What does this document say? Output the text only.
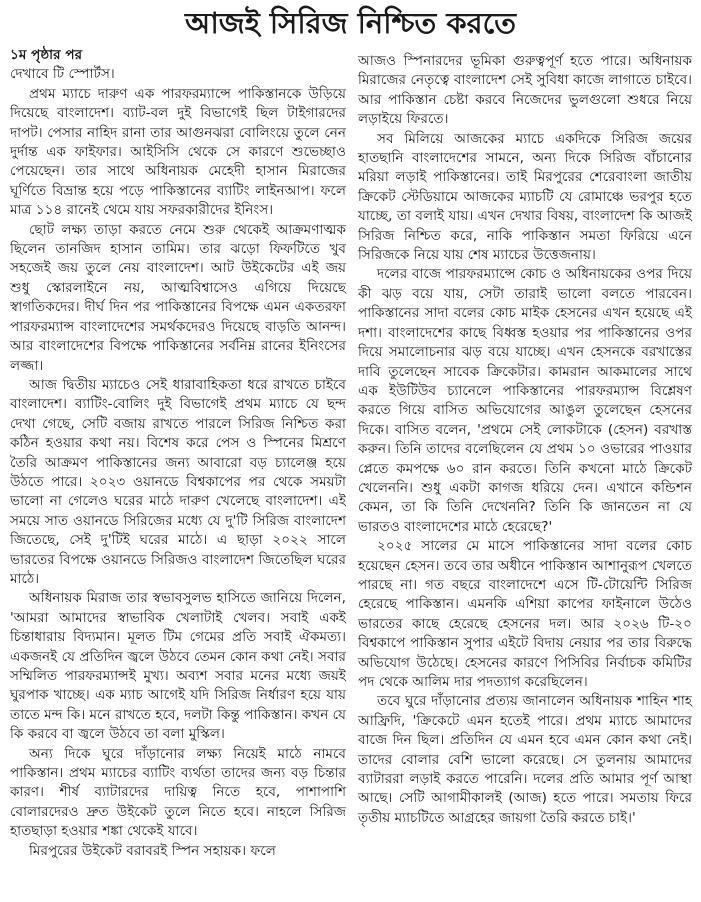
আজই সিরিজ নিশ্চিত করতে
১ম পৃষ্ঠার পর

দেখাবে টি স্পোর্টস।

প্রথম ম্যাচে দারুণ এক পারফরম্যান্সে পাকিস্তানকে উড়িয়ে দিয়েছে বাংলাদেশ। ব্যাট-বল দুই বিভাগেই ছিল টাইগারদের দাপট। পেসার নাহিদ রানা তার আগুনঝরা বোলিংয়ে তুলে নেন দুর্দান্ত এক ফাইফার। আইসিসি থেকে সে কারণে শুভেচ্ছাও পেয়েছেন। তার সাথে অধিনায়ক মেহেদী হাসান মিরাজের ঘূর্ণিতে বিভ্রান্ত হয়ে পড়ে পাকিস্তানের ব্যাটিং লাইনআপ। ফলে মাত্র ১১৪ রানেই থেমে যায় সফরকারীদের ইনিংস।

ছোট লক্ষ্য তাড়া করতে নেমে শুরু থেকেই আক্রমণাত্মক ছিলেন তানজিদ হাসান তামিম। তার ঝড়ো ফিফটিতে খুব সহজেই জয় তুলে নেয় বাংলাদেশ। আট উইকেটের এই জয় শুধু স্কোরলাইনে নয়, আত্মবিশ্বাসেও এগিয়ে দিয়েছে স্বাগতিকদের। দীর্ঘ দিন পর পাকিস্তানের বিপক্ষে এমন একতরফা পারফরম্যান্স বাংলাদেশের সমর্থকদেরও দিয়েছে বাড়তি আনন্দ। আর বাংলাদেশের বিপক্ষে পাকিস্তানের সর্বনিম্ন রানের ইনিংসের লজ্জা।

আজ দ্বিতীয় ম্যাচেও সেই ধারাবাহিকতা ধরে রাখতে চাইবে বাংলাদেশ। ব্যাটিং-বোলিং দুই বিভাগেই প্রথম ম্যাচে যে ছন্দ দেখা গেছে, সেটি বজায় রাখতে পারলে সিরিজ নিশ্চিত করা কঠিন হওয়ার কথা নয়। বিশেষ করে পেস ও স্পিনের মিশ্রণে তৈরি আক্রমণ পাকিস্তানের জন্য আবারো বড় চ্যালেঞ্জ হয়ে উঠতে পারে। ২০২৩ ওয়ানডে বিশ্বকাপের পর থেকে সময়টা ভালো না গেলেও ঘরের মাঠে দারুণ খেলেছে বাংলাদেশ। এই সময়ে সাত ওয়ানডে সিরিজের মধ্যে যে দু'টি সিরিজ বাংলাদেশ জিতেছে, সেই দু'টিই ঘরের মাঠে। এ ছাড়া ২০২২ সালে ভারতের বিপক্ষে ওয়ানডে সিরিজও বাংলাদেশ জিতেছিল ঘরের মাঠে।

অধিনায়ক মিরাজ তার স্বভাবসুলভ হাসিতে জানিয়ে দিলেন, 'আমরা আমাদের স্বাভাবিক খেলাটাই খেলব। সবাই একই চিন্তাধারায় বিদ্যমান। মূলত টিম গেমের প্রতি সবাই ঐকমত্য। একজনই যে প্রতিদিন জ্বলে উঠবে তেমন কোন কথা নেই। সবার সম্মিলিত পারফরম্যান্সই মুখ্য। অব্যশ সবার মনের মধ্যে জয়ই ঘুরপাক খাচ্ছে। এক ম্যাচ আগেই যদি সিরিজ নির্ধারণ হয়ে যায় তাতে মন্দ কি। মনে রাখতে হবে, দলটা কিন্তু পাকিস্তান। কখন যে কি করবে বা জ্বলে উঠবে তা বলা মুস্কিল।

অন্য দিকে ঘুরে দাঁড়ানোর লক্ষ্য নিয়েই মাঠে নামবে পাকিস্তান। প্রথম ম্যাচের ব্যাটিং ব্যর্থতা তাদের জন্য বড় চিন্তার কারণ। শীর্ষ ব্যাটারদের দায়িত্ব নিতে হবে, পাশাপাশি বোলারদেরও দ্রুত উইকেট তুলে নিতে হবে। নাহলে সিরিজ হাতছাড়া হওয়ার শঙ্কা থেকেই যাবে।

মিরপুরের উইকেট বরাবরই স্পিন সহায়ক। ফলে

আজও স্পিনারদের ভূমিকা গুরুত্বপূর্ণ হতে পারে। অধিনায়ক মিরাজের নেতৃত্বে বাংলাদেশ সেই সুবিধা কাজে লাগাতে চাইবে। আর পাকিস্তান চেষ্টা করবে নিজেদের ভুলগুলো শুধরে নিয়ে লড়াইয়ে ফিরতে।

সব মিলিয়ে আজকের ম্যাচে একদিকে সিরিজ জয়ের হাতছানি বাংলাদেশের সামনে, অন্য দিকে সিরিজ বাঁচানোর মরিয়া লড়াই পাকিস্তানের। তাই মিরপুরের শেরেবাংলা জাতীয় ক্রিকেট স্টেডিয়ামে আজকের ম্যাচটি যে রোমাঞ্চে ভরপুর হতে যাচ্ছে, তা বলাই যায়। এখন দেখার বিষয়, বাংলাদেশ কি আজই সিরিজ নিশ্চিত করে, নাকি পাকিস্তান সমতা ফিরিয়ে এনে সিরিজকে নিয়ে যায় শেষ ম্যাচের উত্তেজনায়।

দলের বাজে পারফরম্যান্সে কোচ ও অধিনায়কের ওপর দিয়ে কী ঝড় বয়ে যায়, সেটা তারাই ভালো বলতে পারবেন। পাকিস্তানের সাদা বলের কোচ মাইক হেসনের এখন হয়েছে এই দশা। বাংলাদেশের কাছে বিধ্বস্ত হওয়ার পর পাকিস্তানের ওপর দিয়ে সমালোচনার ঝড় বয়ে যাচ্ছে। এখন হেসনকে বরখাস্তের দাবি তুলেছেন সাবেক ক্রিকেটার। কামরান আকমালের সাথে এক ইউটিউব চ্যানেলে পাকিস্তানের পারফরম্যান্স বিশ্লেষণ করতে গিয়ে বাসিত অভিযোগের আঙুল তুলেছেন হেসনের দিকে। বাসিত বলেন, 'প্রথমে সেই লোকটাকে (হেসন) বরখাস্ত করুন। তিনি তাদের বলেছিলেন যে প্রথম ১০ ওভারের পাওয়ার প্লেতে কমপক্ষে ৬০ রান করতে। তিনি কখনো মাঠে ক্রিকেট খেলেননি। শুধু একটা কাগজ ধরিয়ে দেন। এখানে কন্ডিশন কেমন, তা কি তিনি দেখেননি? তিনি কি জানতেন না যে ভারতও বাংলাদেশের মাঠে হেরেছে?'

২০২৫ সালের মে মাসে পাকিস্তানের সাদা বলের কোচ হয়েছেন হেসন। তবে তার অধীনে পাকিস্তান আশানুরূপ খেলতে পারছে না। গত বছরে বাংলাদেশে এসে টি-টোয়েন্টি সিরিজ হেরেছে পাকিস্তান। এমনকি এশিয়া কাপের ফাইনালে উঠেও ভারতের কাছে হেরেছে হেসনের দল। আর ২০২৬ টি-২০ বিশ্বকাপে পাকিস্তান সুপার এইটে বিদায় নেয়ার পর তার বিরুদ্ধে অভিযোগ উঠেছে। হেসনের কারণে পিসিবির নির্বাচক কমিটির পদ থেকে আলিম দার পদত্যাগ করেছিলেন।

তবে ঘুরে দাঁড়ানোর প্রত্যয় জানালেন অধিনায়ক শাহিন শাহ আফ্রিদি, 'ক্রিকেটে এমন হতেই পারে। প্রথম ম্যাচে আমাদের বাজে দিন ছিল। প্রতিদিন যে এমন হবে এমন কোন কথা নেই। তাদের বোলার বেশি ভালো করেছে। সে তুলনায় আমাদের ব্যাটাররা লড়াই করতে পারেনি। দলের প্রতি আমার পূর্ণ আস্থা আছে। সেটি আগামীকালই (আজ) হতে পারে। সমতায় ফিরে তৃতীয় ম্যাচটিতে আগ্রহের জায়গা তৈরি করতে চাই।'
